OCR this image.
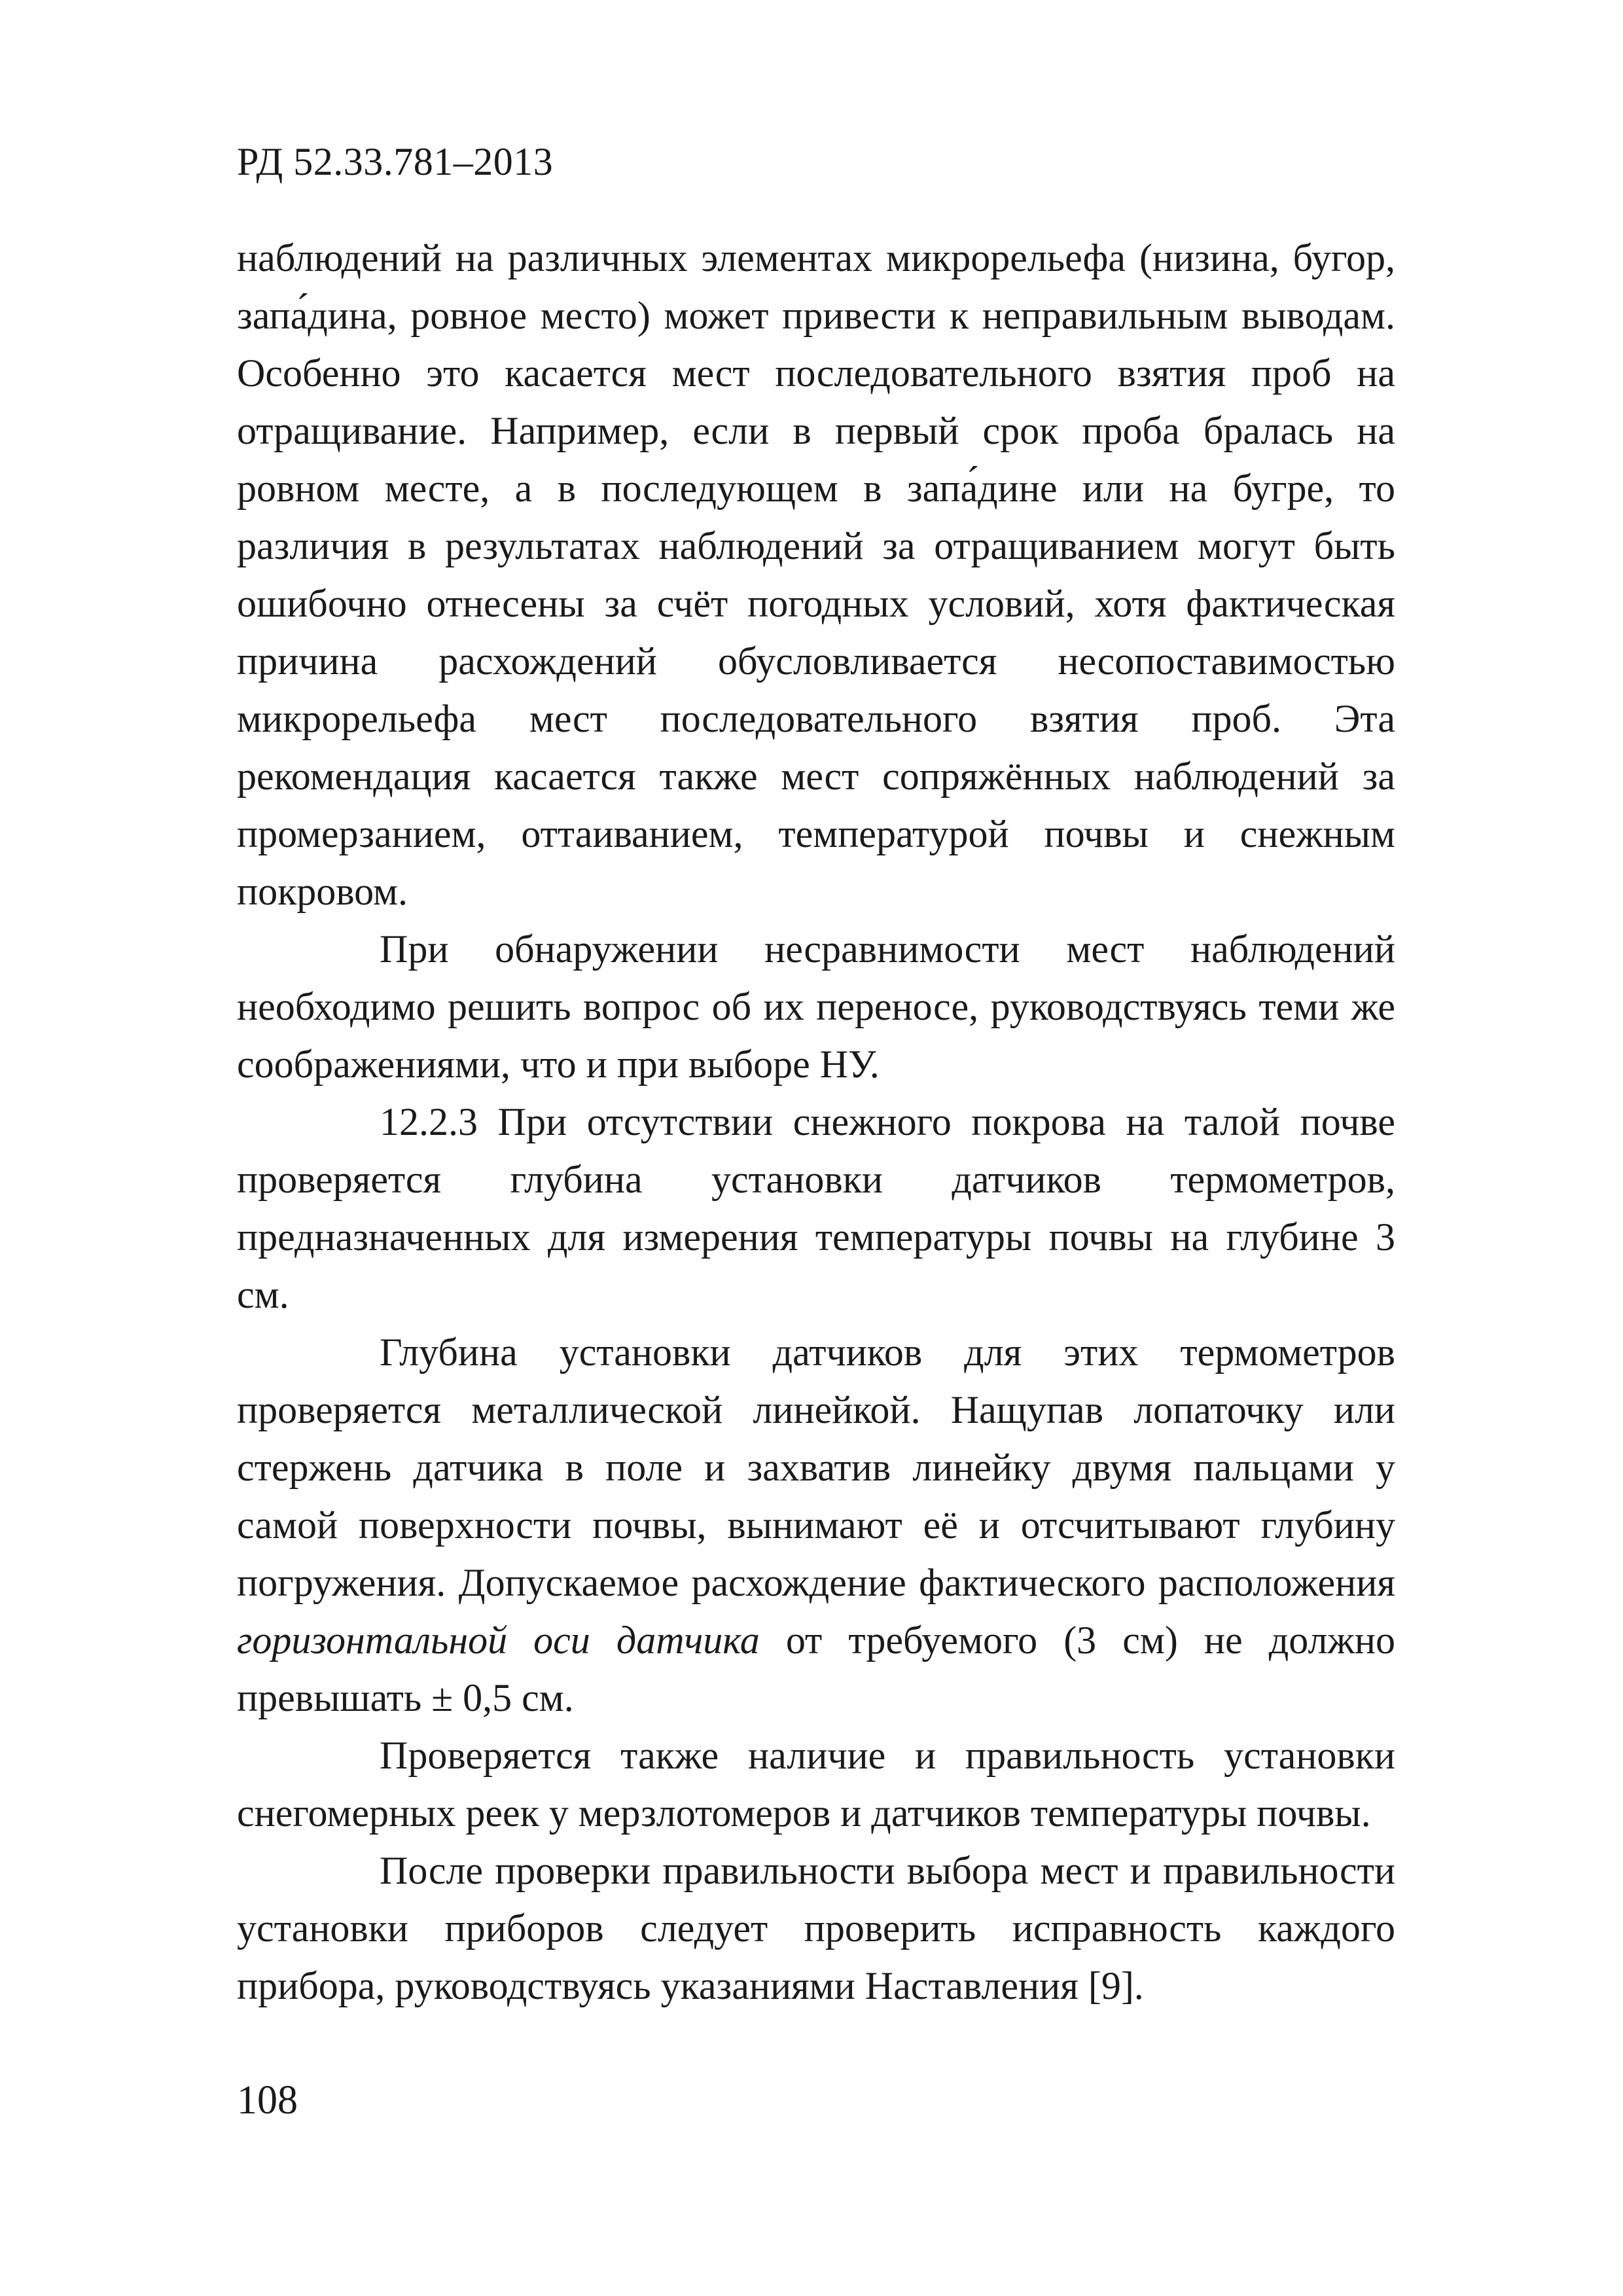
РД 52.33.781–2013

наблюдений на различных элементах микрорельефа (низина, бугор, запа́дина, ровное место) может привести к неправильным выводам. Особенно это касается мест последовательного взятия проб на отращивание. Например, если в первый срок проба бралась на ровном месте, а в последующем в запа́дине или на бугре, то различия в результатах наблюдений за отращиванием могут быть ошибочно отнесены за счёт погодных условий, хотя фактическая причина расхождений обусловливается несопоставимостью микрорельефа мест последовательного взятия проб. Эта рекомендация касается также мест сопряжённых наблюдений за промерзанием, оттаиванием, температурой почвы и снежным покровом.

При обнаружении несравнимости мест наблюдений необходимо решить вопрос об их переносе, руководствуясь теми же соображениями, что и при выборе НУ.

12.2.3 При отсутствии снежного покрова на талой почве проверяется глубина установки датчиков термометров, предназначенных для измерения температуры почвы на глубине 3 см.

Глубина установки датчиков для этих термометров проверяется металлической линейкой. Нащупав лопаточку или стержень датчика в поле и захватив линейку двумя пальцами у самой поверхности почвы, вынимают её и отсчитывают глубину погружения. Допускаемое расхождение фактического расположения горизонтальной оси датчика от требуемого (3 см) не должно превышать ± 0,5 см.

Проверяется также наличие и правильность установки снегомерных реек у мерзлотомеров и датчиков температуры почвы.

После проверки правильности выбора мест и правильности установки приборов следует проверить исправность каждого прибора, руководствуясь указаниями Наставления [9].

108
